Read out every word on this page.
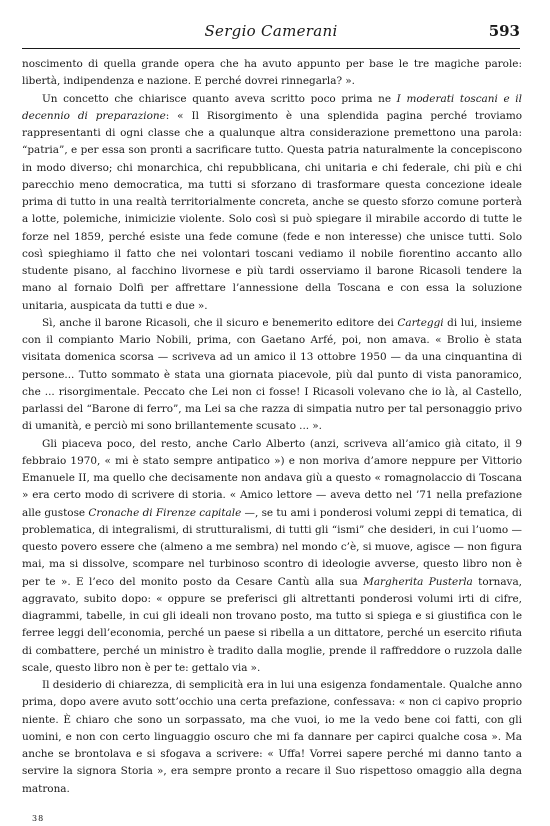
Sergio Camerani	593

noscimento di quella grande opera che ha avuto appunto per base le tre magiche parole: libertà, indipendenza e nazione. E perché dovrei rinnegarla? ».

Un concetto che chiarisce quanto aveva scritto poco prima ne I moderati toscani e il decennio di preparazione: « Il Risorgimento è una splendida pagina perché troviamo rappresentanti di ogni classe che a qualunque altra considerazione premettono una parola: “patria”, e per essa son pronti a sacrificare tutto. Questa patria naturalmente la concepiscono in modo diverso; chi monarchica, chi repubblicana, chi unitaria e chi federale, chi più e chi parecchio meno democratica, ma tutti si sforzano di trasformare questa concezione ideale prima di tutto in una realtà territorialmente concreta, anche se questo sforzo comune porterà a lotte, polemiche, inimicizie violente. Solo così si può spiegare il mirabile accordo di tutte le forze nel 1859, perché esiste una fede comune (fede e non interesse) che unisce tutti. Solo così spieghiamo il fatto che nei volontari toscani vediamo il nobile fiorentino accanto allo studente pisano, al facchino livornese e più tardi osserviamo il barone Ricasoli tendere la mano al fornaio Dolfi per affrettare l’annessione della Toscana e con essa la soluzione unitaria, auspicata da tutti e due ».

Sì, anche il barone Ricasoli, che il sicuro e benemerito editore dei Carteggi di lui, insieme con il compianto Mario Nobili, prima, con Gaetano Arfé, poi, non amava. « Brolio è stata visitata domenica scorsa — scriveva ad un amico il 13 ottobre 1950 — da una cinquantina di persone... Tutto sommato è stata una giornata piacevole, più dal punto di vista panoramico, che ... risorgimentale. Peccato che Lei non ci fosse! I Ricasoli volevano che io là, al Castello, parlassi del “Barone di ferro”, ma Lei sa che razza di simpatia nutro per tal personaggio privo di umanità, e perciò mi sono brillantemente scusato ... ».

Gli piaceva poco, del resto, anche Carlo Alberto (anzi, scriveva all’amico già citato, il 9 febbraio 1970, « mi è stato sempre antipatico ») e non moriva d’amore neppure per Vittorio Emanuele II, ma quello che decisamente non andava giù a questo « romagnolaccio di Toscana » era certo modo di scrivere di storia. « Amico lettore — aveva detto nel ’71 nella prefazione alle gustose Cronache di Firenze capitale —, se tu ami i ponderosi volumi zeppi di tematica, di problematica, di integralismi, di strutturalismi, di tutti gli “ismi” che desideri, in cui l’uomo — questo povero essere che (almeno a me sembra) nel mondo c’è, si muove, agisce — non figura mai, ma si dissolve, scompare nel turbinoso scontro di ideologie avverse, questo libro non è per te ». E l’eco del monito posto da Cesare Cantù alla sua Margherita Pusterla tornava, aggravato, subito dopo: « oppure se preferisci gli altrettanti ponderosi volumi irti di cifre, diagrammi, tabelle, in cui gli ideali non trovano posto, ma tutto si spiega e si giustifica con le ferree leggi dell’economia, perché un paese si ribella a un dittatore, perché un esercito rifiuta di combattere, perché un ministro è tradito dalla moglie, prende il raffreddore o ruzzola dalle scale, questo libro non è per te: gettalo via ».

Il desiderio di chiarezza, di semplicità era in lui una esigenza fondamentale. Qualche anno prima, dopo avere avuto sott’occhio una certa prefazione, confessava: « non ci capivo proprio niente. È chiaro che sono un sorpassato, ma che vuoi, io me la vedo bene coi fatti, con gli uomini, e non con certo linguaggio oscuro che mi fa dannare per capirci qualche cosa ». Ma anche se brontolava e si sfogava a scrivere: « Uffa! Vorrei sapere perché mi danno tanto a servire la signora Storia », era sempre pronto a recare il Suo rispettoso omaggio alla degna matrona.

38
